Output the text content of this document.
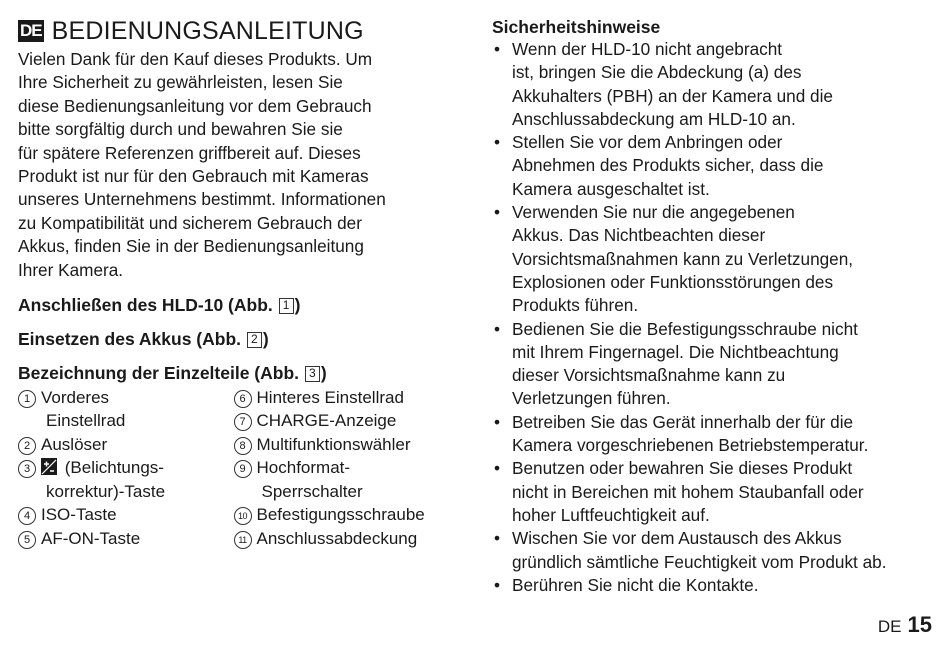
DE BEDIENUNGSANLEITUNG

Vielen Dank für den Kauf dieses Produkts. Um
Ihre Sicherheit zu gewährleisten, lesen Sie
diese Bedienungsanleitung vor dem Gebrauch
bitte sorgfältig durch und bewahren Sie sie
für spätere Referenzen griffbereit auf. Dieses
Produkt ist nur für den Gebrauch mit Kameras
unseres Unternehmens bestimmt. Informationen
zu Kompatibilität und sicherem Gebrauch der
Akkus, finden Sie in der Bedienungsanleitung
Ihrer Kamera.

Anschließen des HLD-10 (Abb. 1 )
Einsetzen des Akkus (Abb. 2 )
Bezeichnung der Einzelteile (Abb. 3 )
1 Vorderes
Einstellrad
2 Auslöser
3 (Belichtungs-
korrektur)-Taste
4 ISO-Taste
5 AF-ON-Taste
6 Hinteres Einstellrad
7 CHARGE-Anzeige
8 Multifunktionswähler
9 Hochformat-
Sperrschalter
10 Befestigungsschraube
11 Anschlussabdeckung
Sicherheitshinweise
• Wenn der HLD-10 nicht angebracht
ist, bringen Sie die Abdeckung (a) des
Akkuhalters (PBH) an der Kamera und die
Anschlussabdeckung am HLD-10 an.
• Stellen Sie vor dem Anbringen oder
Abnehmen des Produkts sicher, dass die
Kamera ausgeschaltet ist.
• Verwenden Sie nur die angegebenen
Akkus. Das Nichtbeachten dieser
Vorsichtsmaßnahmen kann zu Verletzungen,
Explosionen oder Funktionsstörungen des
Produkts führen.
• Bedienen Sie die Befestigungsschraube nicht
mit Ihrem Fingernagel. Die Nichtbeachtung
dieser Vorsichtsmaßnahme kann zu
Verletzungen führen.
• Betreiben Sie das Gerät innerhalb der für die
Kamera vorgeschriebenen Betriebstemperatur.
• Benutzen oder bewahren Sie dieses Produkt
nicht in Bereichen mit hohem Staubanfall oder
hoher Luftfeuchtigkeit auf.
• Wischen Sie vor dem Austausch des Akkus
gründlich sämtliche Feuchtigkeit vom Produkt ab.
• Berühren Sie nicht die Kontakte.
DE 15
